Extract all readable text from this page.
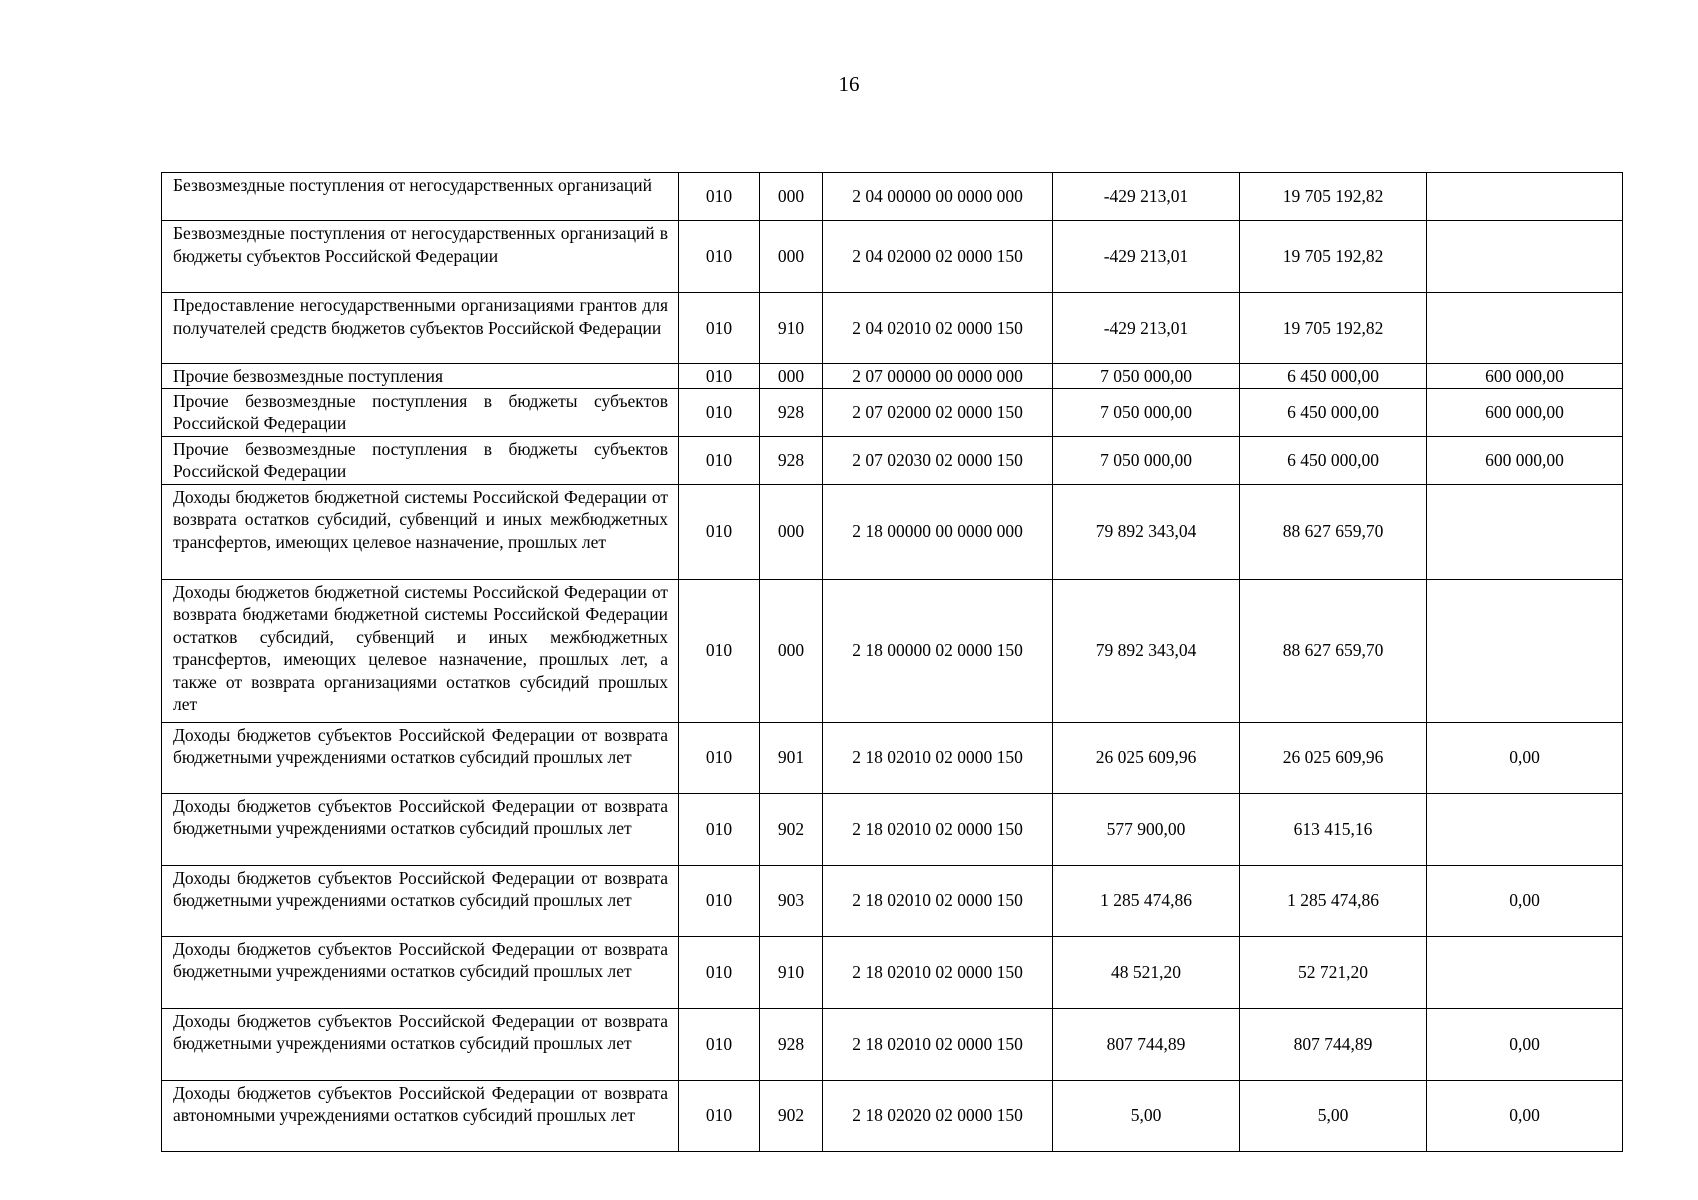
16
Безвозмездные поступления от негосударственных организаций	010	000	2 04 00000 00 0000 000	-429 213,01	19 705 192,82	
Безвозмездные поступления от негосударственных организаций в бюджеты субъектов Российской Федерации	010	000	2 04 02000 02 0000 150	-429 213,01	19 705 192,82	
Предоставление негосударственными организациями грантов для получателей средств бюджетов субъектов Российской Федерации	010	910	2 04 02010 02 0000 150	-429 213,01	19 705 192,82	
Прочие безвозмездные поступления	010	000	2 07 00000 00 0000 000	7 050 000,00	6 450 000,00	600 000,00
Прочие безвозмездные поступления в бюджеты субъектов Российской Федерации	010	928	2 07 02000 02 0000 150	7 050 000,00	6 450 000,00	600 000,00
Прочие безвозмездные поступления в бюджеты субъектов Российской Федерации	010	928	2 07 02030 02 0000 150	7 050 000,00	6 450 000,00	600 000,00
Доходы бюджетов бюджетной системы Российской Федерации от возврата остатков субсидий, субвенций и иных межбюджетных трансфертов, имеющих целевое назначение, прошлых лет	010	000	2 18 00000 00 0000 000	79 892 343,04	88 627 659,70	
Доходы бюджетов бюджетной системы Российской Федерации от возврата бюджетами бюджетной системы Российской Федерации остатков субсидий, субвенций и иных межбюджетных трансфертов, имеющих целевое назначение, прошлых лет, а также от возврата организациями остатков субсидий прошлых лет	010	000	2 18 00000 02 0000 150	79 892 343,04	88 627 659,70	
Доходы бюджетов субъектов Российской Федерации от возврата бюджетными учреждениями остатков субсидий прошлых лет	010	901	2 18 02010 02 0000 150	26 025 609,96	26 025 609,96	0,00
Доходы бюджетов субъектов Российской Федерации от возврата бюджетными учреждениями остатков субсидий прошлых лет	010	902	2 18 02010 02 0000 150	577 900,00	613 415,16	
Доходы бюджетов субъектов Российской Федерации от возврата бюджетными учреждениями остатков субсидий прошлых лет	010	903	2 18 02010 02 0000 150	1 285 474,86	1 285 474,86	0,00
Доходы бюджетов субъектов Российской Федерации от возврата бюджетными учреждениями остатков субсидий прошлых лет	010	910	2 18 02010 02 0000 150	48 521,20	52 721,20	
Доходы бюджетов субъектов Российской Федерации от возврата бюджетными учреждениями остатков субсидий прошлых лет	010	928	2 18 02010 02 0000 150	807 744,89	807 744,89	0,00
Доходы бюджетов субъектов Российской Федерации от возврата автономными учреждениями остатков субсидий прошлых лет	010	902	2 18 02020 02 0000 150	5,00	5,00	0,00
